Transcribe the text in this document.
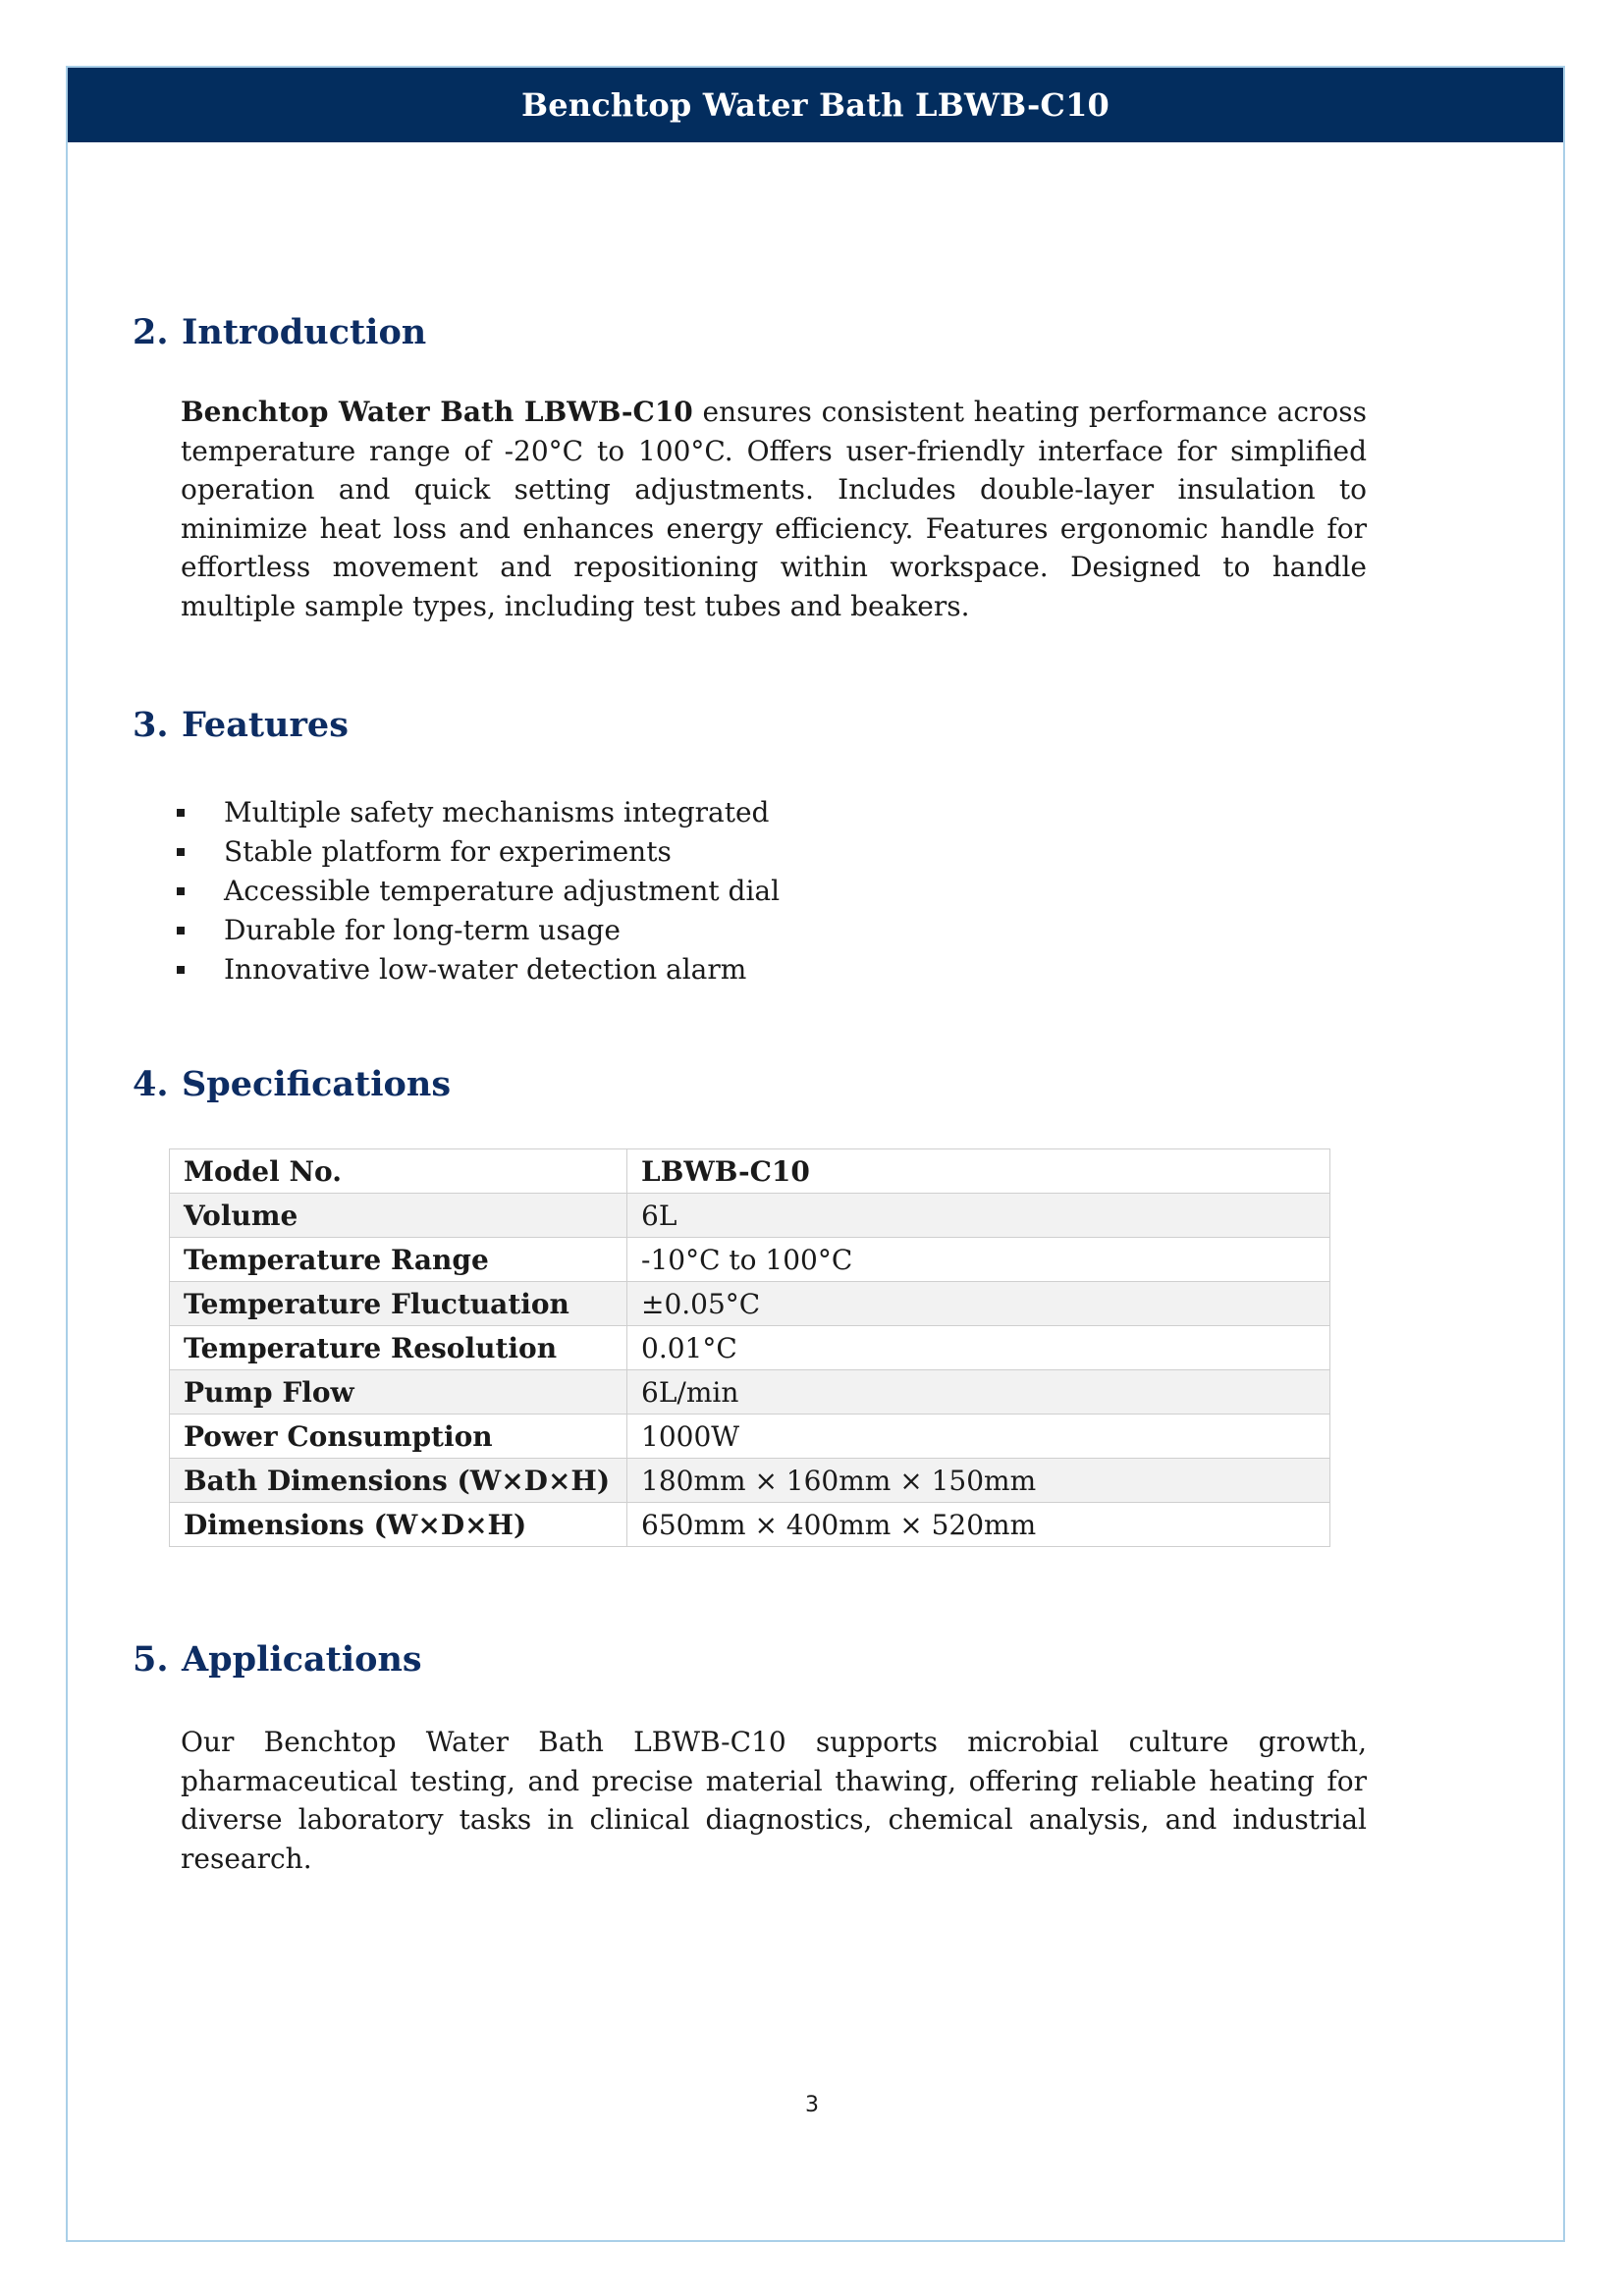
Benchtop Water Bath LBWB-C10
2. Introduction

Benchtop Water Bath LBWB-C10 ensures consistent heating performance across temperature range of -20°C to 100°C. Offers user-friendly interface for simplified operation and quick setting adjustments. Includes double-layer insulation to minimize heat loss and enhances energy efficiency. Features ergonomic handle for effortless movement and repositioning within workspace. Designed to handle multiple sample types, including test tubes and beakers.

3. Features
Multiple safety mechanisms integrated
Stable platform for experiments
Accessible temperature adjustment dial
Durable for long-term usage
Innovative low-water detection alarm
4. Specifications
Model No.	LBWB-C10
Volume	6L
Temperature Range	-10°C to 100°C
Temperature Fluctuation	±0.05°C
Temperature Resolution	0.01°C
Pump Flow	6L/min
Power Consumption	1000W
Bath Dimensions (W×D×H)	180mm × 160mm × 150mm
Dimensions (W×D×H)	650mm × 400mm × 520mm
5. Applications

Our Benchtop Water Bath LBWB-C10 supports microbial culture growth, pharmaceutical testing, and precise material thawing, offering reliable heating for diverse laboratory tasks in clinical diagnostics, chemical analysis, and industrial research.

3
